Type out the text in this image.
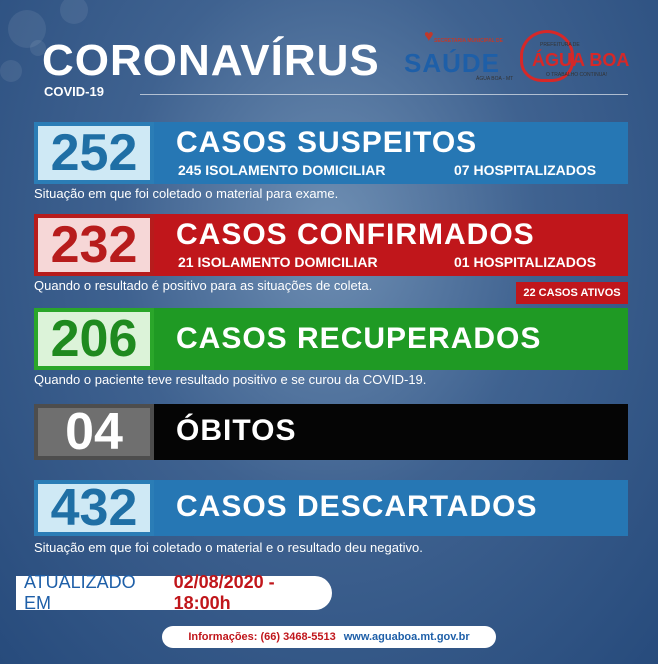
CORONAVÍRUS
COVID-19
♥ SECRETARIA MUNICIPAL DE
SAÚDE
ÁGUA BOA - MT
PREFEITURA DE
ÁGUA BOA
O TRABALHO CONTINUA!
252	CASOS SUSPEITOS
245 ISOLAMENTO DOMICILIAR	07 HOSPITALIZADOS
Situação em que foi coletado o material para exame.
232	CASOS CONFIRMADOS
21 ISOLAMENTO DOMICILIAR	01 HOSPITALIZADOS
Quando o resultado é positivo para as situações de coleta.	22 CASOS ATIVOS
206	CASOS RECUPERADOS
Quando o paciente teve resultado positivo e se curou da COVID-19.
04	ÓBITOS
432	CASOS DESCARTADOS
Situação em que foi coletado o material e o resultado deu negativo.
ATUALIZADO EM
02/08/2020 - 18:00h
Informações: (66) 3468-5513 www.aguaboa.mt.gov.br
